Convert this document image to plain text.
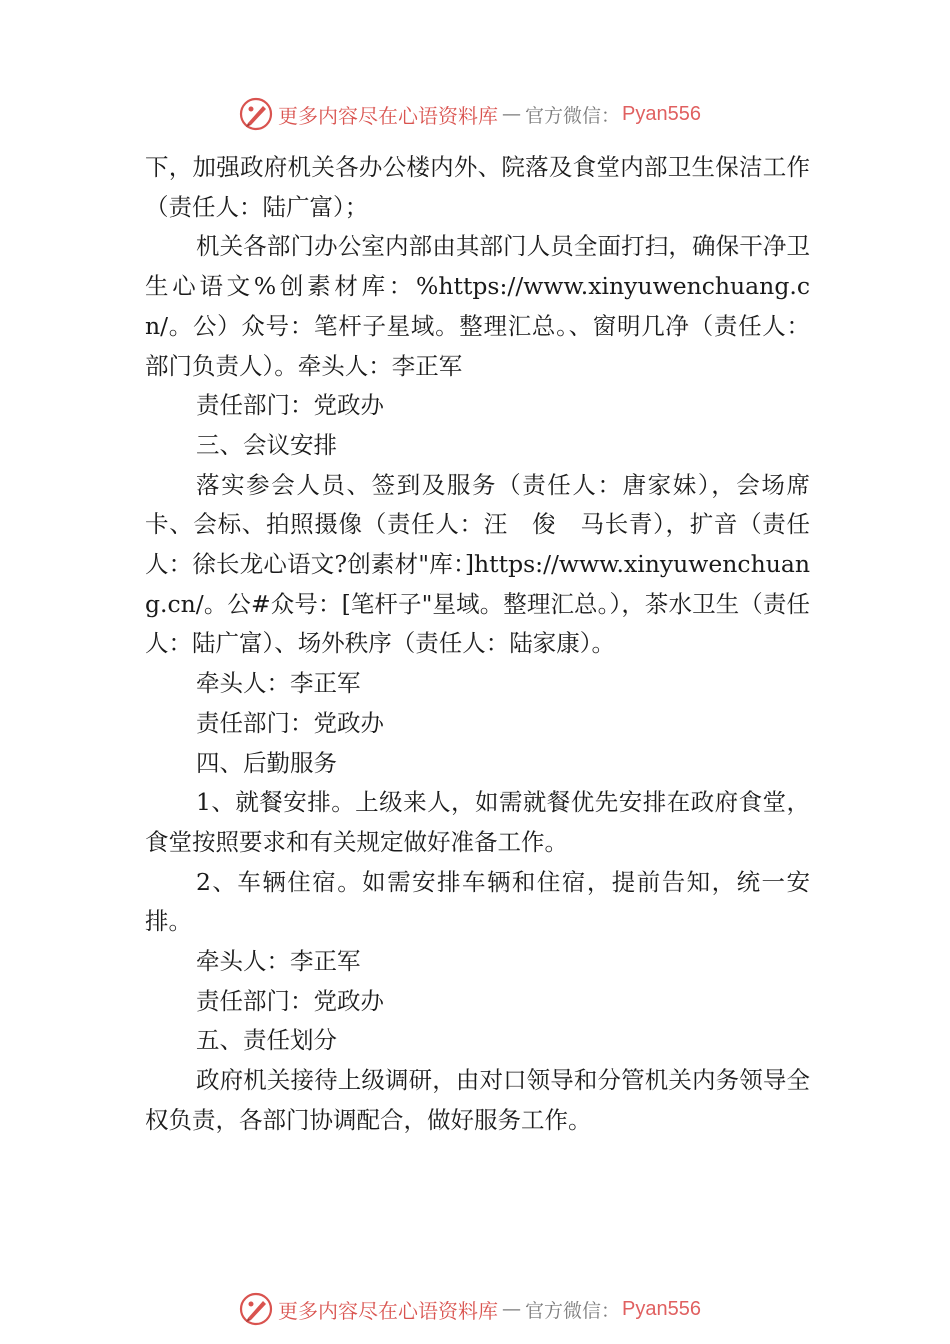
更多内容尽在心语资料库 — 官方微信： Pyan556

下，加强政府机关各办公楼内外、院落及食堂内部卫生保洁工作（责任人：陆广富）；

机关各部门办公室内部由其部门人员全面打扫，确保干净卫生心语文%创素材库：%https://www.xinyuwenchuang.cn/。公）众号：笔杆子星域。整理汇总。、窗明几净（责任人：部门负责人）。牵头人：李正军

责任部门：党政办

三、会议安排

落实参会人员、签到及服务（责任人：唐家妹），会场席卡、会标、拍照摄像（责任人：汪　俊　马长青），扩音（责任人：徐长龙心语文?创素材"库：]https://www.xinyuwenchuang.cn/。公#众号：[笔杆子"星域。整理汇总。），茶水卫生（责任人：陆广富）、场外秩序（责任人：陆家康）。

牵头人：李正军

责任部门：党政办

四、后勤服务

1、就餐安排。上级来人，如需就餐优先安排在政府食堂，食堂按照要求和有关规定做好准备工作。

2、车辆住宿。如需安排车辆和住宿，提前告知，统一安排。

牵头人：李正军

责任部门：党政办

五、责任划分

政府机关接待上级调研，由对口领导和分管机关内务领导全权负责，各部门协调配合，做好服务工作。

更多内容尽在心语资料库 — 官方微信： Pyan556
